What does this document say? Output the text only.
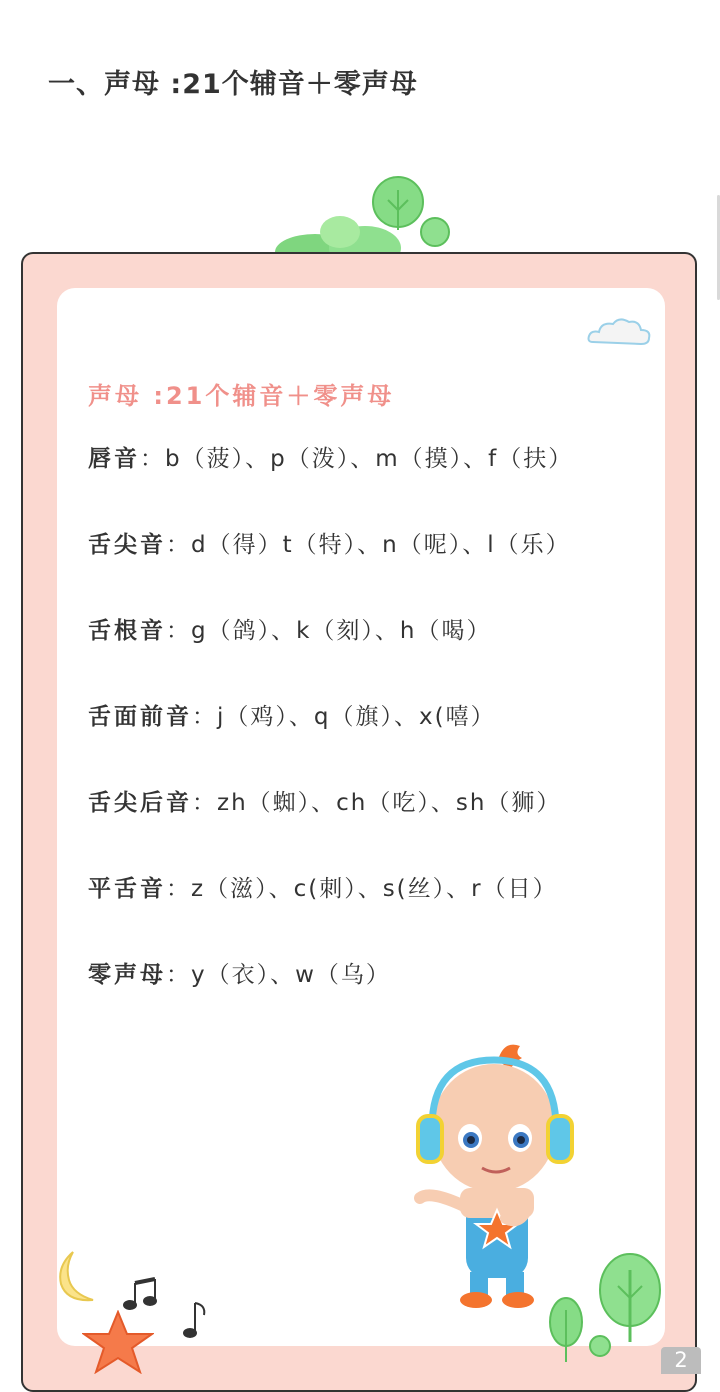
一、声母 :21个辅音＋零声母
声母 :21个辅音＋零声母

唇音：b（菠）、p（泼）、m（摸）、f（扶）

舌尖音：d（得）t（特）、n（呢）、l（乐）

舌根音：g（鸽）、k（刻）、h（喝）

舌面前音：j（鸡）、q（旗）、x(嘻）

舌尖后音：zh（蜘）、ch（吃）、sh（狮）

平舌音：z（滋）、c(刺）、s(丝）、r（日）

零声母：y（衣）、w（乌）

2
